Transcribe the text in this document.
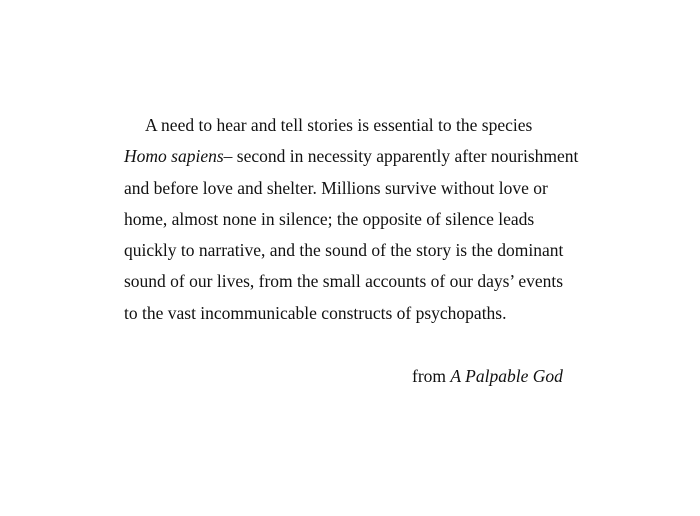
A need to hear and tell stories is essential to the species
Homo sapiens– second in necessity apparently after nourishment
and before love and shelter. Millions survive without love or
home, almost none in silence; the opposite of silence leads
quickly to narrative, and the sound of the story is the dominant
sound of our lives, from the small accounts of our days’ events
to the vast incommunicable constructs of psychopaths.
from A Palpable God
